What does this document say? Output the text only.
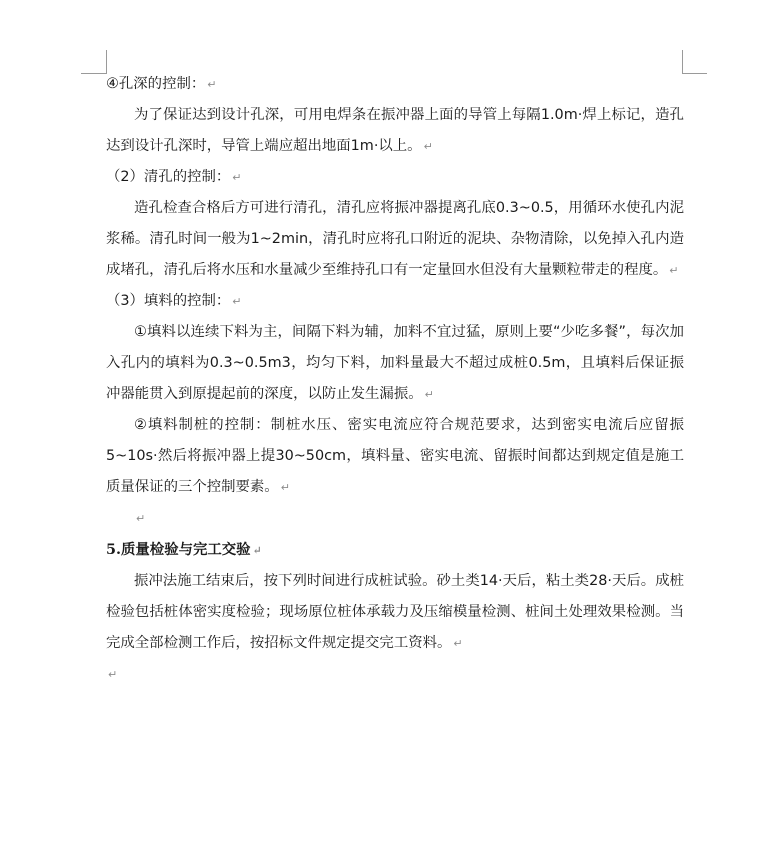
④孔深的控制： ↵

为了保证达到设计孔深，可用电焊条在振冲器上面的导管上每隔1.0m·焊上标记，造孔达到设计孔深时，导管上端应超出地面1m·以上。 ↵

（2）清孔的控制： ↵

造孔检查合格后方可进行清孔，清孔应将振冲器提离孔底0.3~0.5，用循环水使孔内泥浆稀。清孔时间一般为1~2min，清孔时应将孔口附近的泥块、杂物清除，以免掉入孔内造成堵孔，清孔后将水压和水量减少至维持孔口有一定量回水但没有大量颗粒带走的程度。 ↵

（3）填料的控制： ↵

①填料以连续下料为主，间隔下料为辅，加料不宜过猛，原则上要“少吃多餐”，每次加入孔内的填料为0.3~0.5m3，均匀下料，加料量最大不超过成桩0.5m，且填料后保证振冲器能贯入到原提起前的深度，以防止发生漏振。 ↵

②填料制桩的控制：制桩水压、密实电流应符合规范要求，达到密实电流后应留振5~10s·然后将振冲器上提30~50cm，填料量、密实电流、留振时间都达到规定值是施工质量保证的三个控制要素。 ↵

↵

5.质量检验与完工交验 ↵

振冲法施工结束后，按下列时间进行成桩试验。砂土类14·天后，粘土类28·天后。成桩检验包括桩体密实度检验；现场原位桩体承载力及压缩模量检测、桩间土处理效果检测。当完成全部检测工作后，按招标文件规定提交完工资料。 ↵

↵
